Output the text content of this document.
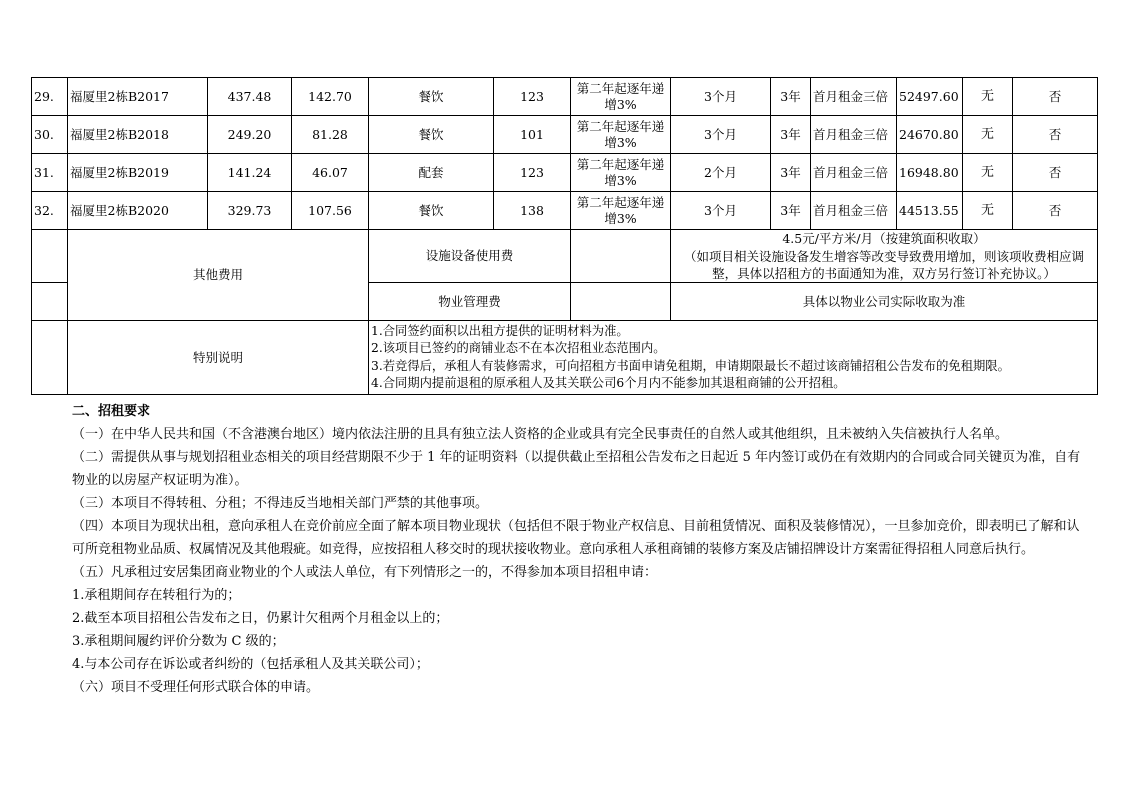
29.	福厦里2栋B2017	437.48	142.70	餐饮	123	第二年起逐年递增3%	3个月	3年	首月租金三倍	52497.60	无	否
30.	福厦里2栋B2018	249.20	81.28	餐饮	101	第二年起逐年递增3%	3个月	3年	首月租金三倍	24670.80	无	否
31.	福厦里2栋B2019	141.24	46.07	配套	123	第二年起逐年递增3%	2个月	3年	首月租金三倍	16948.80	无	否
32.	福厦里2栋B2020	329.73	107.56	餐饮	138	第二年起逐年递增3%	3个月	3年	首月租金三倍	44513.55	无	否
	其他费用			设施设备使用费			4.5元/平方米/月（按建筑面积收取）
（如项目相关设施设备发生增容等改变导致费用增加，则该项收费相应调整，具体以招租方的书面通知为准，双方另行签订补充协议。）					

				物业管理费			具体以物业公司实际收取为准					
	特别说明			1.合同签约面积以出租方提供的证明材料为准。
2.该项目已签约的商铺业态不在本次招租业态范围内。
3.若竞得后，承租人有装修需求，可向招租方书面申请免租期，申请期限最长不超过该商铺招租公告发布的免租期限。
4.合同期内提前退租的原承租人及其关联公司6个月内不能参加其退租商铺的公开招租。								

二、招租要求

（一）在中华人民共和国（不含港澳台地区）境内依法注册的且具有独立法人资格的企业或具有完全民事责任的自然人或其他组织，且未被纳入失信被执行人名单。

（二）需提供从事与规划招租业态相关的项目经营期限不少于 1 年的证明资料（以提供截止至招租公告发布之日起近 5 年内签订或仍在有效期内的合同或合同关键页为准，自有物业的以房屋产权证明为准）。

（三）本项目不得转租、分租；不得违反当地相关部门严禁的其他事项。

（四）本项目为现状出租，意向承租人在竞价前应全面了解本项目物业现状（包括但不限于物业产权信息、目前租赁情况、面积及装修情况），一旦参加竞价，即表明已了解和认可所竞租物业品质、权属情况及其他瑕疵。如竞得，应按招租人移交时的现状接收物业。意向承租人承租商铺的装修方案及店铺招牌设计方案需征得招租人同意后执行。

（五）凡承租过安居集团商业物业的个人或法人单位，有下列情形之一的，不得参加本项目招租申请：

1.承租期间存在转租行为的；

2.截至本项目招租公告发布之日，仍累计欠租两个月租金以上的；

3.承租期间履约评价分数为 C 级的；

4.与本公司存在诉讼或者纠纷的（包括承租人及其关联公司）；

（六）项目不受理任何形式联合体的申请。
